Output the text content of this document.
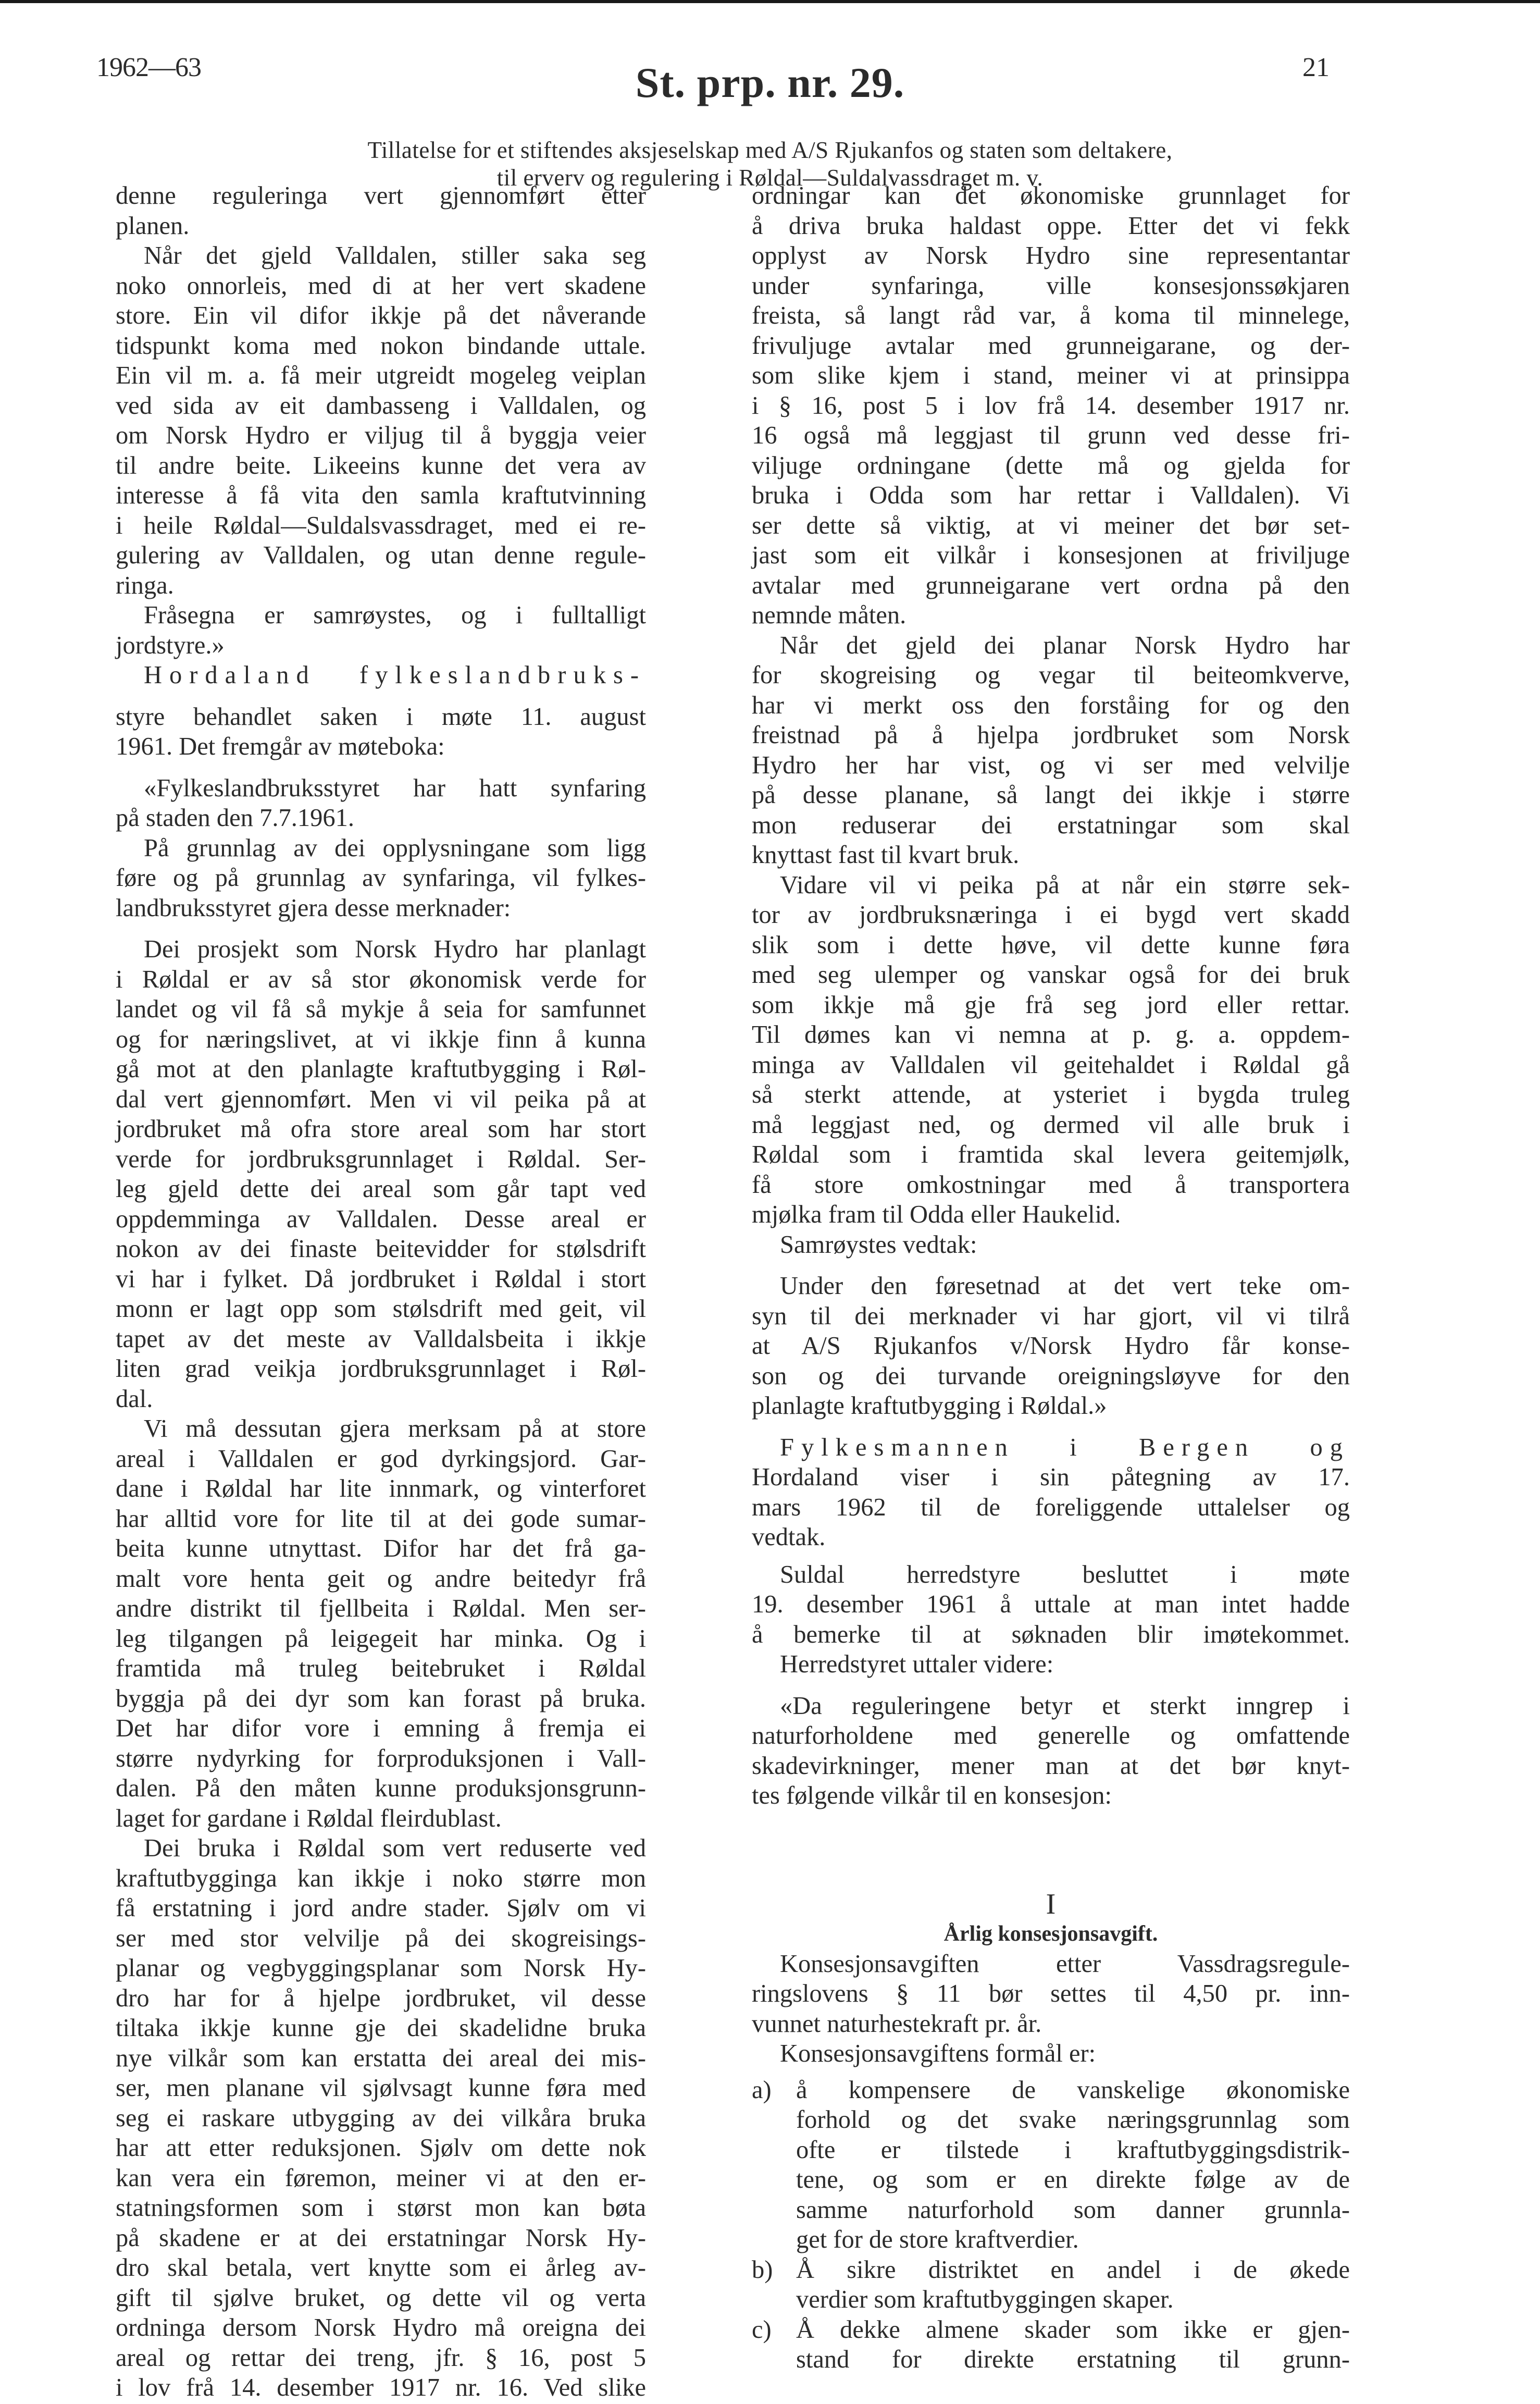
1962—63	St. prp. nr. 29.	21
Tillatelse for et stiftendes aksjeselskap med A/S Rjukanfos og staten som deltakere,
til erverv og regulering i Røldal—Suldalvassdraget m. v.
denne reguleringa vert gjennomført etter
planen.
Når det gjeld Valldalen, stiller saka seg
noko onnorleis, med di at her vert skadene
store. Ein vil difor ikkje på det nåverande
tidspunkt koma med nokon bindande uttale.
Ein vil m. a. få meir utgreidt mogeleg veiplan
ved sida av eit dambasseng i Valldalen, og
om Norsk Hydro er viljug til å byggja veier
til andre beite. Likeeins kunne det vera av
interesse å få vita den samla kraftutvinning
i heile Røldal—Suldalsvassdraget, med ei re-
gulering av Valldalen, og utan denne regule-
ringa.
Fråsegna er samrøystes, og i fulltalligt
jordstyre.»
Hordaland fylkeslandbruks-
styre behandlet saken i møte 11. august
1961. Det fremgår av møteboka:
«Fylkeslandbruksstyret har hatt synfaring
på staden den 7.7.1961.
På grunnlag av dei opplysningane som ligg
føre og på grunnlag av synfaringa, vil fylkes-
landbruksstyret gjera desse merknader:
Dei prosjekt som Norsk Hydro har planlagt
i Røldal er av så stor økonomisk verde for
landet og vil få så mykje å seia for samfunnet
og for næringslivet, at vi ikkje finn å kunna
gå mot at den planlagte kraftutbygging i Røl-
dal vert gjennomført. Men vi vil peika på at
jordbruket må ofra store areal som har stort
verde for jordbruksgrunnlaget i Røldal. Ser-
leg gjeld dette dei areal som går tapt ved
oppdemminga av Valldalen. Desse areal er
nokon av dei finaste beitevidder for stølsdrift
vi har i fylket. Då jordbruket i Røldal i stort
monn er lagt opp som stølsdrift med geit, vil
tapet av det meste av Valldalsbeita i ikkje
liten grad veikja jordbruksgrunnlaget i Røl-
dal.
Vi må dessutan gjera merksam på at store
areal i Valldalen er god dyrkingsjord. Gar-
dane i Røldal har lite innmark, og vinterforet
har alltid vore for lite til at dei gode sumar-
beita kunne utnyttast. Difor har det frå ga-
malt vore henta geit og andre beitedyr frå
andre distrikt til fjellbeita i Røldal. Men ser-
leg tilgangen på leigegeit har minka. Og i
framtida må truleg beitebruket i Røldal
byggja på dei dyr som kan forast på bruka.
Det har difor vore i emning å fremja ei
større nydyrking for forproduksjonen i Vall-
dalen. På den måten kunne produksjonsgrunn-
laget for gardane i Røldal fleirdublast.
Dei bruka i Røldal som vert reduserte ved
kraftutbygginga kan ikkje i noko større mon
få erstatning i jord andre stader. Sjølv om vi
ser med stor velvilje på dei skogreisings-
planar og vegbyggingsplanar som Norsk Hy-
dro har for å hjelpe jordbruket, vil desse
tiltaka ikkje kunne gje dei skadelidne bruka
nye vilkår som kan erstatta dei areal dei mis-
ser, men planane vil sjølvsagt kunne føra med
seg ei raskare utbygging av dei vilkåra bruka
har att etter reduksjonen. Sjølv om dette nok
kan vera ein føremon, meiner vi at den er-
statningsformen som i størst mon kan bøta
på skadene er at dei erstatningar Norsk Hy-
dro skal betala, vert knytte som ei årleg av-
gift til sjølve bruket, og dette vil og verta
ordninga dersom Norsk Hydro må oreigna dei
areal og rettar dei treng, jfr. § 16, post 5
i lov frå 14. desember 1917 nr. 16. Ved slike
ordningar kan det økonomiske grunnlaget for
å driva bruka haldast oppe. Etter det vi fekk
opplyst av Norsk Hydro sine representantar
under synfaringa, ville konsesjonssøkjaren
freista, så langt råd var, å koma til minnelege,
frivuljuge avtalar med grunneigarane, og der-
som slike kjem i stand, meiner vi at prinsippa
i § 16, post 5 i lov frå 14. desember 1917 nr.
16 også må leggjast til grunn ved desse fri-
viljuge ordningane (dette må og gjelda for
bruka i Odda som har rettar i Valldalen). Vi
ser dette så viktig, at vi meiner det bør set-
jast som eit vilkår i konsesjonen at friviljuge
avtalar med grunneigarane vert ordna på den
nemnde måten.
Når det gjeld dei planar Norsk Hydro har
for skogreising og vegar til beiteomkverve,
har vi merkt oss den forståing for og den
freistnad på å hjelpa jordbruket som Norsk
Hydro her har vist, og vi ser med velvilje
på desse planane, så langt dei ikkje i større
mon reduserar dei erstatningar som skal
knyttast fast til kvart bruk.
Vidare vil vi peika på at når ein større sek-
tor av jordbruksnæringa i ei bygd vert skadd
slik som i dette høve, vil dette kunne føra
med seg ulemper og vanskar også for dei bruk
som ikkje må gje frå seg jord eller rettar.
Til dømes kan vi nemna at p. g. a. oppdem-
minga av Valldalen vil geitehaldet i Røldal gå
så sterkt attende, at ysteriet i bygda truleg
må leggjast ned, og dermed vil alle bruk i
Røldal som i framtida skal levera geitemjølk,
få store omkostningar med å transportera
mjølka fram til Odda eller Haukelid.
Samrøystes vedtak:
Under den føresetnad at det vert teke om-
syn til dei merknader vi har gjort, vil vi tilrå
at A/S Rjukanfos v/Norsk Hydro får konse-
son og dei turvande oreigningsløyve for den
planlagte kraftutbygging i Røldal.»
Fylkesmannen i Bergen og
Hordaland viser i sin påtegning av 17.
mars 1962 til de foreliggende uttalelser og
vedtak.
Suldal herredstyre besluttet i møte
19. desember 1961 å uttale at man intet hadde
å bemerke til at søknaden blir imøtekommet.
Herredstyret uttaler videre:
«Da reguleringene betyr et sterkt inngrep i
naturforholdene med generelle og omfattende
skadevirkninger, mener man at det bør knyt-
tes følgende vilkår til en konsesjon:
I
Årlig konsesjonsavgift.
Konsesjonsavgiften etter Vassdragsregule-
ringslovens § 11 bør settes til 4,50 pr. inn-
vunnet naturhestekraft pr. år.
Konsesjonsavgiftens formål er:
a) å kompensere de vanskelige økonomiske
forhold og det svake næringsgrunnlag som
ofte er tilstede i kraftutbyggingsdistrik-
tene, og som er en direkte følge av de
samme naturforhold som danner grunnla-
get for de store kraftverdier.
b) Å sikre distriktet en andel i de økede
verdier som kraftutbyggingen skaper.
c) Å dekke almene skader som ikke er gjen-
stand for direkte erstatning til grunn-
